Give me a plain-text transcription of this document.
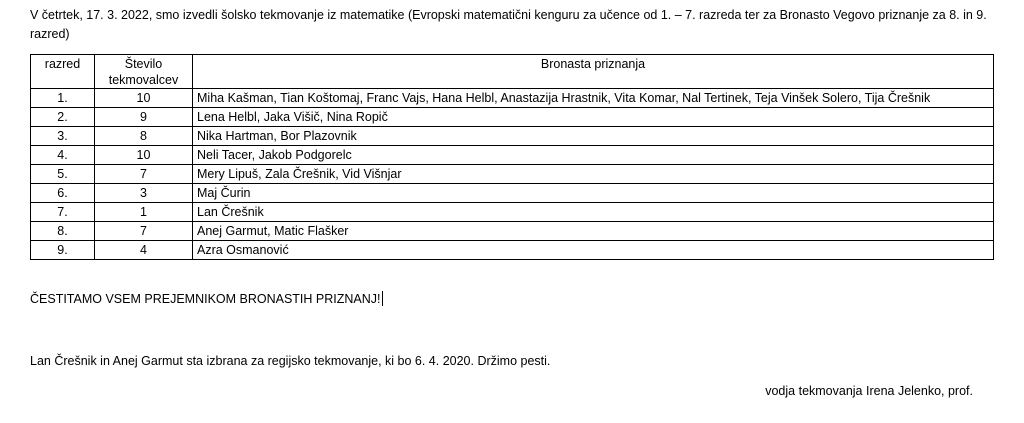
V četrtek, 17. 3. 2022, smo izvedli šolsko tekmovanje iz matematike (Evropski matematični kenguru za učence od 1. – 7. razreda ter za Bronasto Vegovo priznanje za 8. in 9. razred)

razred	Število tekmovalcev	Bronasta priznanja
1.	10	Miha Kašman, Tian Koštomaj, Franc Vajs, Hana Helbl, Anastazija Hrastnik, Vita Komar, Nal Tertinek, Teja Vinšek Solero, Tija Črešnik
2.	9	Lena Helbl, Jaka Višič, Nina Ropič
3.	8	Nika Hartman, Bor Plazovnik
4.	10	Neli Tacer, Jakob Podgorelc
5.	7	Mery Lipuš, Zala Črešnik, Vid Višnjar
6.	3	Maj Čurin
7.	1	Lan Črešnik
8.	7	Anej Garmut, Matic Flašker
9.	4	Azra Osmanović

ČESTITAMO VSEM PREJEMNIKOM BRONASTIH PRIZNANJ!

Lan Črešnik in Anej Garmut sta izbrana za regijsko tekmovanje, ki bo 6. 4. 2020. Držimo pesti.

vodja tekmovanja Irena Jelenko, prof.
